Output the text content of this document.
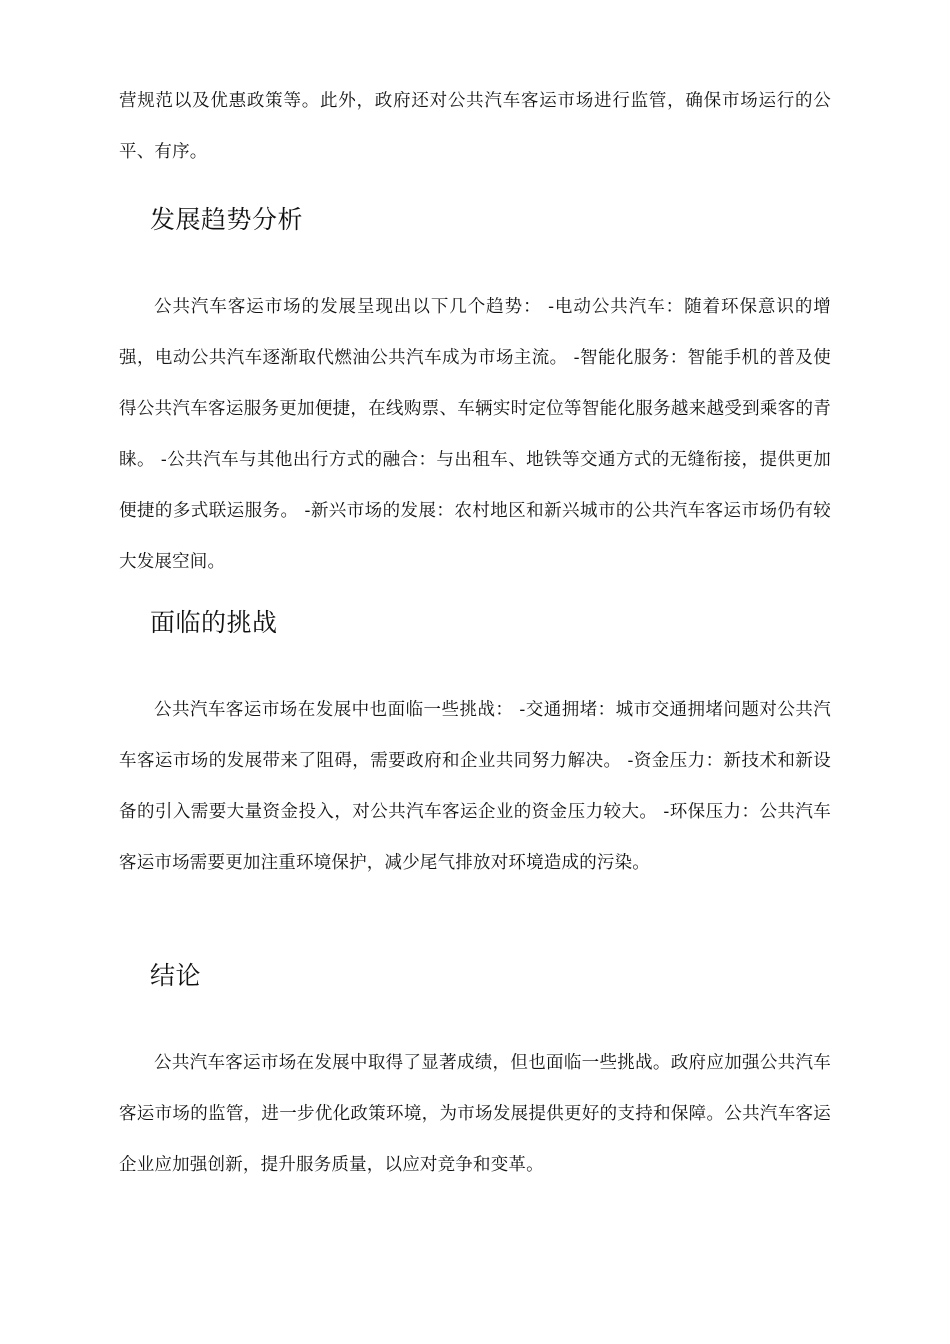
营规范以及优惠政策等。此外，政府还对公共汽车客运市场进行监管，确保市场运行的公平、有序。

发展趋势分析

公共汽车客运市场的发展呈现出以下几个趋势： -电动公共汽车：随着环保意识的增强，电动公共汽车逐渐取代燃油公共汽车成为市场主流。 -智能化服务：智能手机的普及使得公共汽车客运服务更加便捷，在线购票、车辆实时定位等智能化服务越来越受到乘客的青睐。 -公共汽车与其他出行方式的融合：与出租车、地铁等交通方式的无缝衔接，提供更加便捷的多式联运服务。 -新兴市场的发展：农村地区和新兴城市的公共汽车客运市场仍有较大发展空间。

面临的挑战

公共汽车客运市场在发展中也面临一些挑战： -交通拥堵：城市交通拥堵问题对公共汽车客运市场的发展带来了阻碍，需要政府和企业共同努力解决。 -资金压力：新技术和新设备的引入需要大量资金投入，对公共汽车客运企业的资金压力较大。 -环保压力：公共汽车客运市场需要更加注重环境保护，减少尾气排放对环境造成的污染。

结论

公共汽车客运市场在发展中取得了显著成绩，但也面临一些挑战。政府应加强公共汽车客运市场的监管，进一步优化政策环境，为市场发展提供更好的支持和保障。公共汽车客运企业应加强创新，提升服务质量，以应对竞争和变革。
